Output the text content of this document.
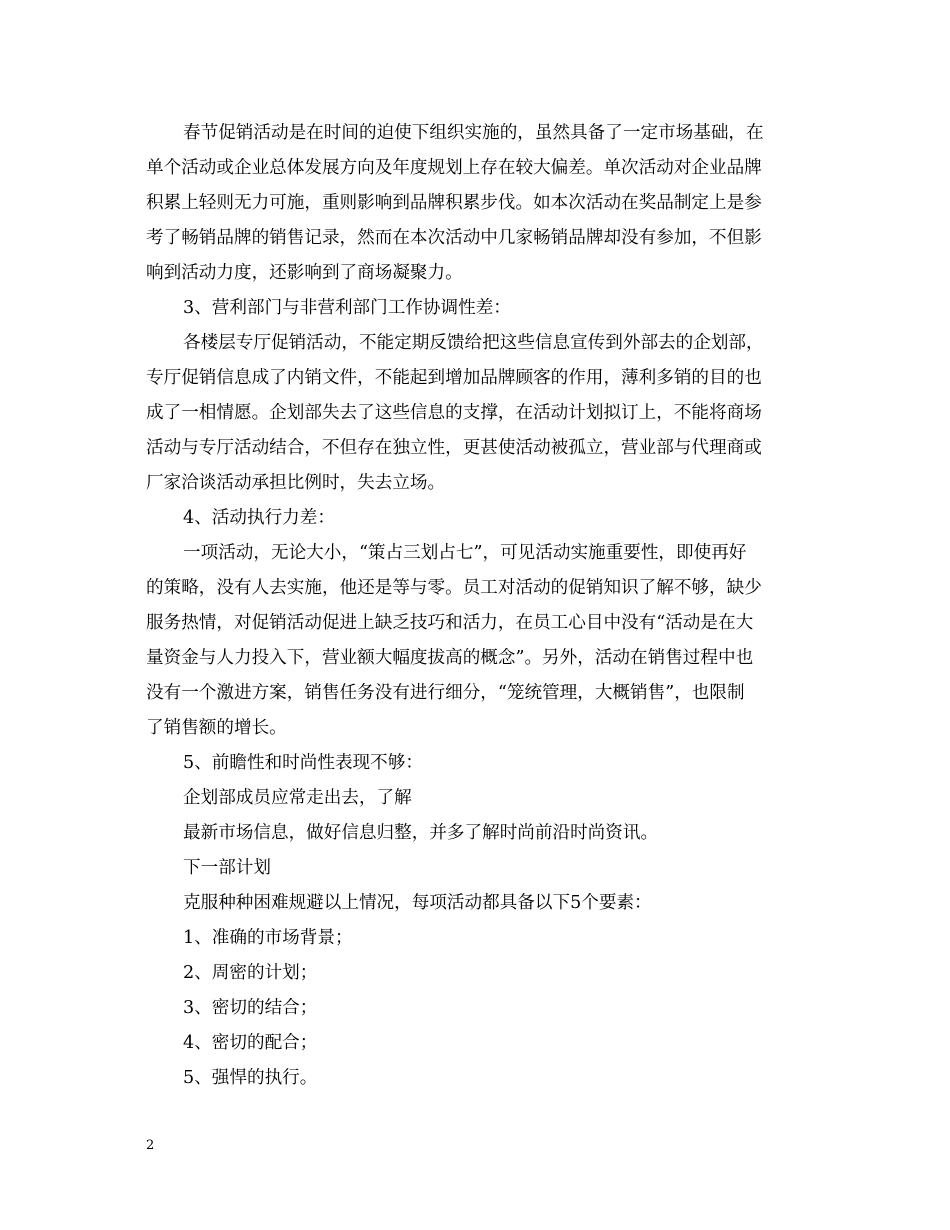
春节促销活动是在时间的迫使下组织实施的，虽然具备了一定市场基础，在
单个活动或企业总体发展方向及年度规划上存在较大偏差。单次活动对企业品牌
积累上轻则无力可施，重则影响到品牌积累步伐。如本次活动在奖品制定上是参
考了畅销品牌的销售记录，然而在本次活动中几家畅销品牌却没有参加，不但影
响到活动力度，还影响到了商场凝聚力。
3、营利部门与非营利部门工作协调性差：
各楼层专厅促销活动，不能定期反馈给把这些信息宣传到外部去的企划部，
专厅促销信息成了内销文件，不能起到增加品牌顾客的作用，薄利多销的目的也
成了一相情愿。企划部失去了这些信息的支撑，在活动计划拟订上，不能将商场
活动与专厅活动结合，不但存在独立性，更甚使活动被孤立，营业部与代理商或
厂家洽谈活动承担比例时，失去立场。
4、活动执行力差：
一项活动，无论大小，“策占三划占七”，可见活动实施重要性，即使再好
的策略，没有人去实施，他还是等与零。员工对活动的促销知识了解不够，缺少
服务热情，对促销活动促进上缺乏技巧和活力，在员工心目中没有“活动是在大
量资金与人力投入下，营业额大幅度拔高的概念”。另外，活动在销售过程中也
没有一个激进方案，销售任务没有进行细分，“笼统管理，大概销售”，也限制
了销售额的增长。
5、前瞻性和时尚性表现不够：
企划部成员应常走出去，了解
最新市场信息，做好信息归整，并多了解时尚前沿时尚资讯。
下一部计划
克服种种困难规避以上情况，每项活动都具备以下5个要素：
1、准确的市场背景；
2、周密的计划；
3、密切的结合；
4、密切的配合；
5、强悍的执行。

2
